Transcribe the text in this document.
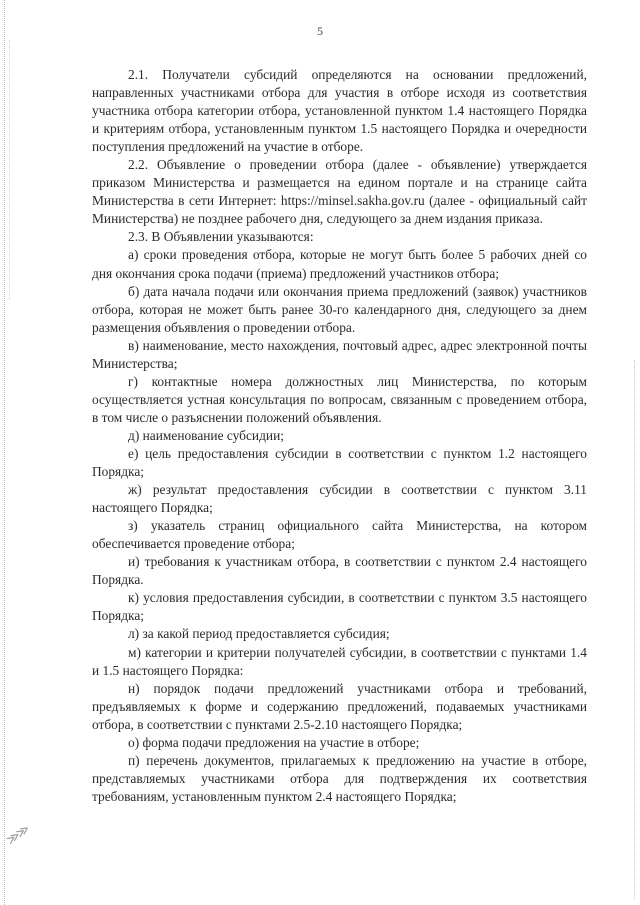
≫≫
5

2.1. Получатели субсидий определяются на основании предложений, направленных участниками отбора для участия в отборе исходя из соответствия участника отбора категории отбора, установленной пунктом 1.4 настоящего Порядка и критериям отбора, установленным пунктом 1.5 настоящего Порядка и очередности поступления предложений на участие в отборе.

2.2. Объявление о проведении отбора (далее - объявление) утверждается приказом Министерства и размещается на едином портале и на странице сайта Министерства в сети Интернет: https://minsel.sakha.gov.ru (далее - официальный сайт Министерства) не позднее рабочего дня, следующего за днем издания приказа.

2.3. В Объявлении указываются:

а) сроки проведения отбора, которые не могут быть более 5 рабочих дней со дня окончания срока подачи (приема) предложений участников отбора;

б) дата начала подачи или окончания приема предложений (заявок) участников отбора, которая не может быть ранее 30-го календарного дня, следующего за днем размещения объявления о проведении отбора.

в) наименование, место нахождения, почтовый адрес, адрес электронной почты Министерства;

г) контактные номера должностных лиц Министерства, по которым осуществляется устная консультация по вопросам, связанным с проведением отбора, в том числе о разъяснении положений объявления.

д) наименование субсидии;

е) цель предоставления субсидии в соответствии с пунктом 1.2 настоящего Порядка;

ж) результат предоставления субсидии в соответствии с пунктом 3.11 настоящего Порядка;

з) указатель страниц официального сайта Министерства, на котором обеспечивается проведение отбора;

и) требования к участникам отбора, в соответствии с пунктом 2.4 настоящего Порядка.

к) условия предоставления субсидии, в соответствии с пунктом 3.5 настоящего Порядка;

л) за какой период предоставляется субсидия;

м) категории и критерии получателей субсидии, в соответствии с пунктами 1.4 и 1.5 настоящего Порядка:

н) порядок подачи предложений участниками отбора и требований, предъявляемых к форме и содержанию предложений, подаваемых участниками отбора, в соответствии с пунктами 2.5-2.10 настоящего Порядка;

о) форма подачи предложения на участие в отборе;

п) перечень документов, прилагаемых к предложению на участие в отборе, представляемых участниками отбора для подтверждения их соответствия требованиям, установленным пунктом 2.4 настоящего Порядка;
